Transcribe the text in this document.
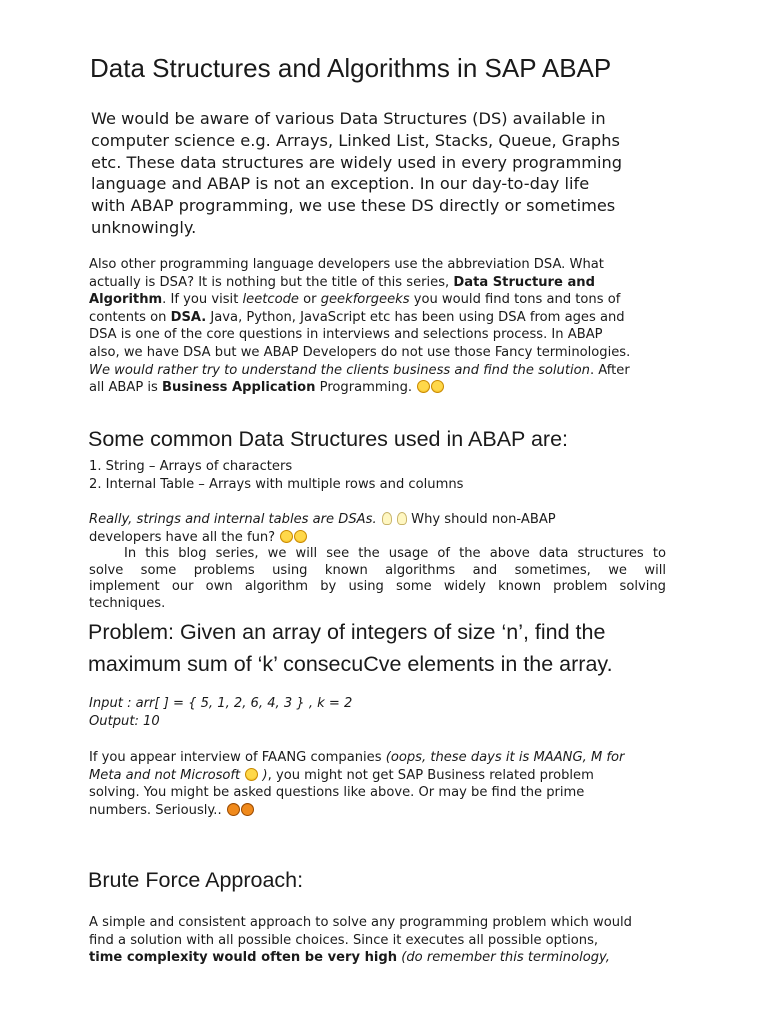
Data Structures and Algorithms in SAP ABAP
We would be aware of various Data Structures (DS) available in
computer science e.g. Arrays, Linked List, Stacks, Queue, Graphs
etc. These data structures are widely used in every programming
language and ABAP is not an exception. In our day-to-day life
with ABAP programming, we use these DS directly or sometimes
unknowingly.
Also other programming language developers use the abbreviation DSA. What
actually is DSA? It is nothing but the title of this series, Data Structure and
Algorithm. If you visit leetcode or geekforgeeks you would find tons and tons of
contents on DSA. Java, Python, JavaScript etc has been using DSA from ages and
DSA is one of the core questions in interviews and selections process. In ABAP
also, we have DSA but we ABAP Developers do not use those Fancy terminologies.
We would rather try to understand the clients business and find the solution. After
all ABAP is Business Application Programming.
Some common Data Structures used in ABAP are:
1. String – Arrays of characters
2. Internal Table – Arrays with multiple rows and columns
Really, strings and internal tables are DSAs.   Why should non-ABAP
developers have all the fun?
In this blog series, we will see the usage of the above data structures to
solve some problems using known algorithms and sometimes, we will
implement our own algorithm by using some widely known problem solving
techniques.
Problem: Given an array of integers of size ‘n’, find the
maximum sum of ‘k’ consecuCve elements in the array.
Input : arr[ ] = { 5, 1, 2, 6, 4, 3 } , k = 2
Output: 10
If you appear interview of FAANG companies (oops, these days it is MAANG, M for
Meta and not Microsoft  ), you might not get SAP Business related problem
solving. You might be asked questions like above. Or may be find the prime
numbers. Seriously..
Brute Force Approach:
A simple and consistent approach to solve any programming problem which would
find a solution with all possible choices. Since it executes all possible options,
time complexity would often be very high (do remember this terminology,
